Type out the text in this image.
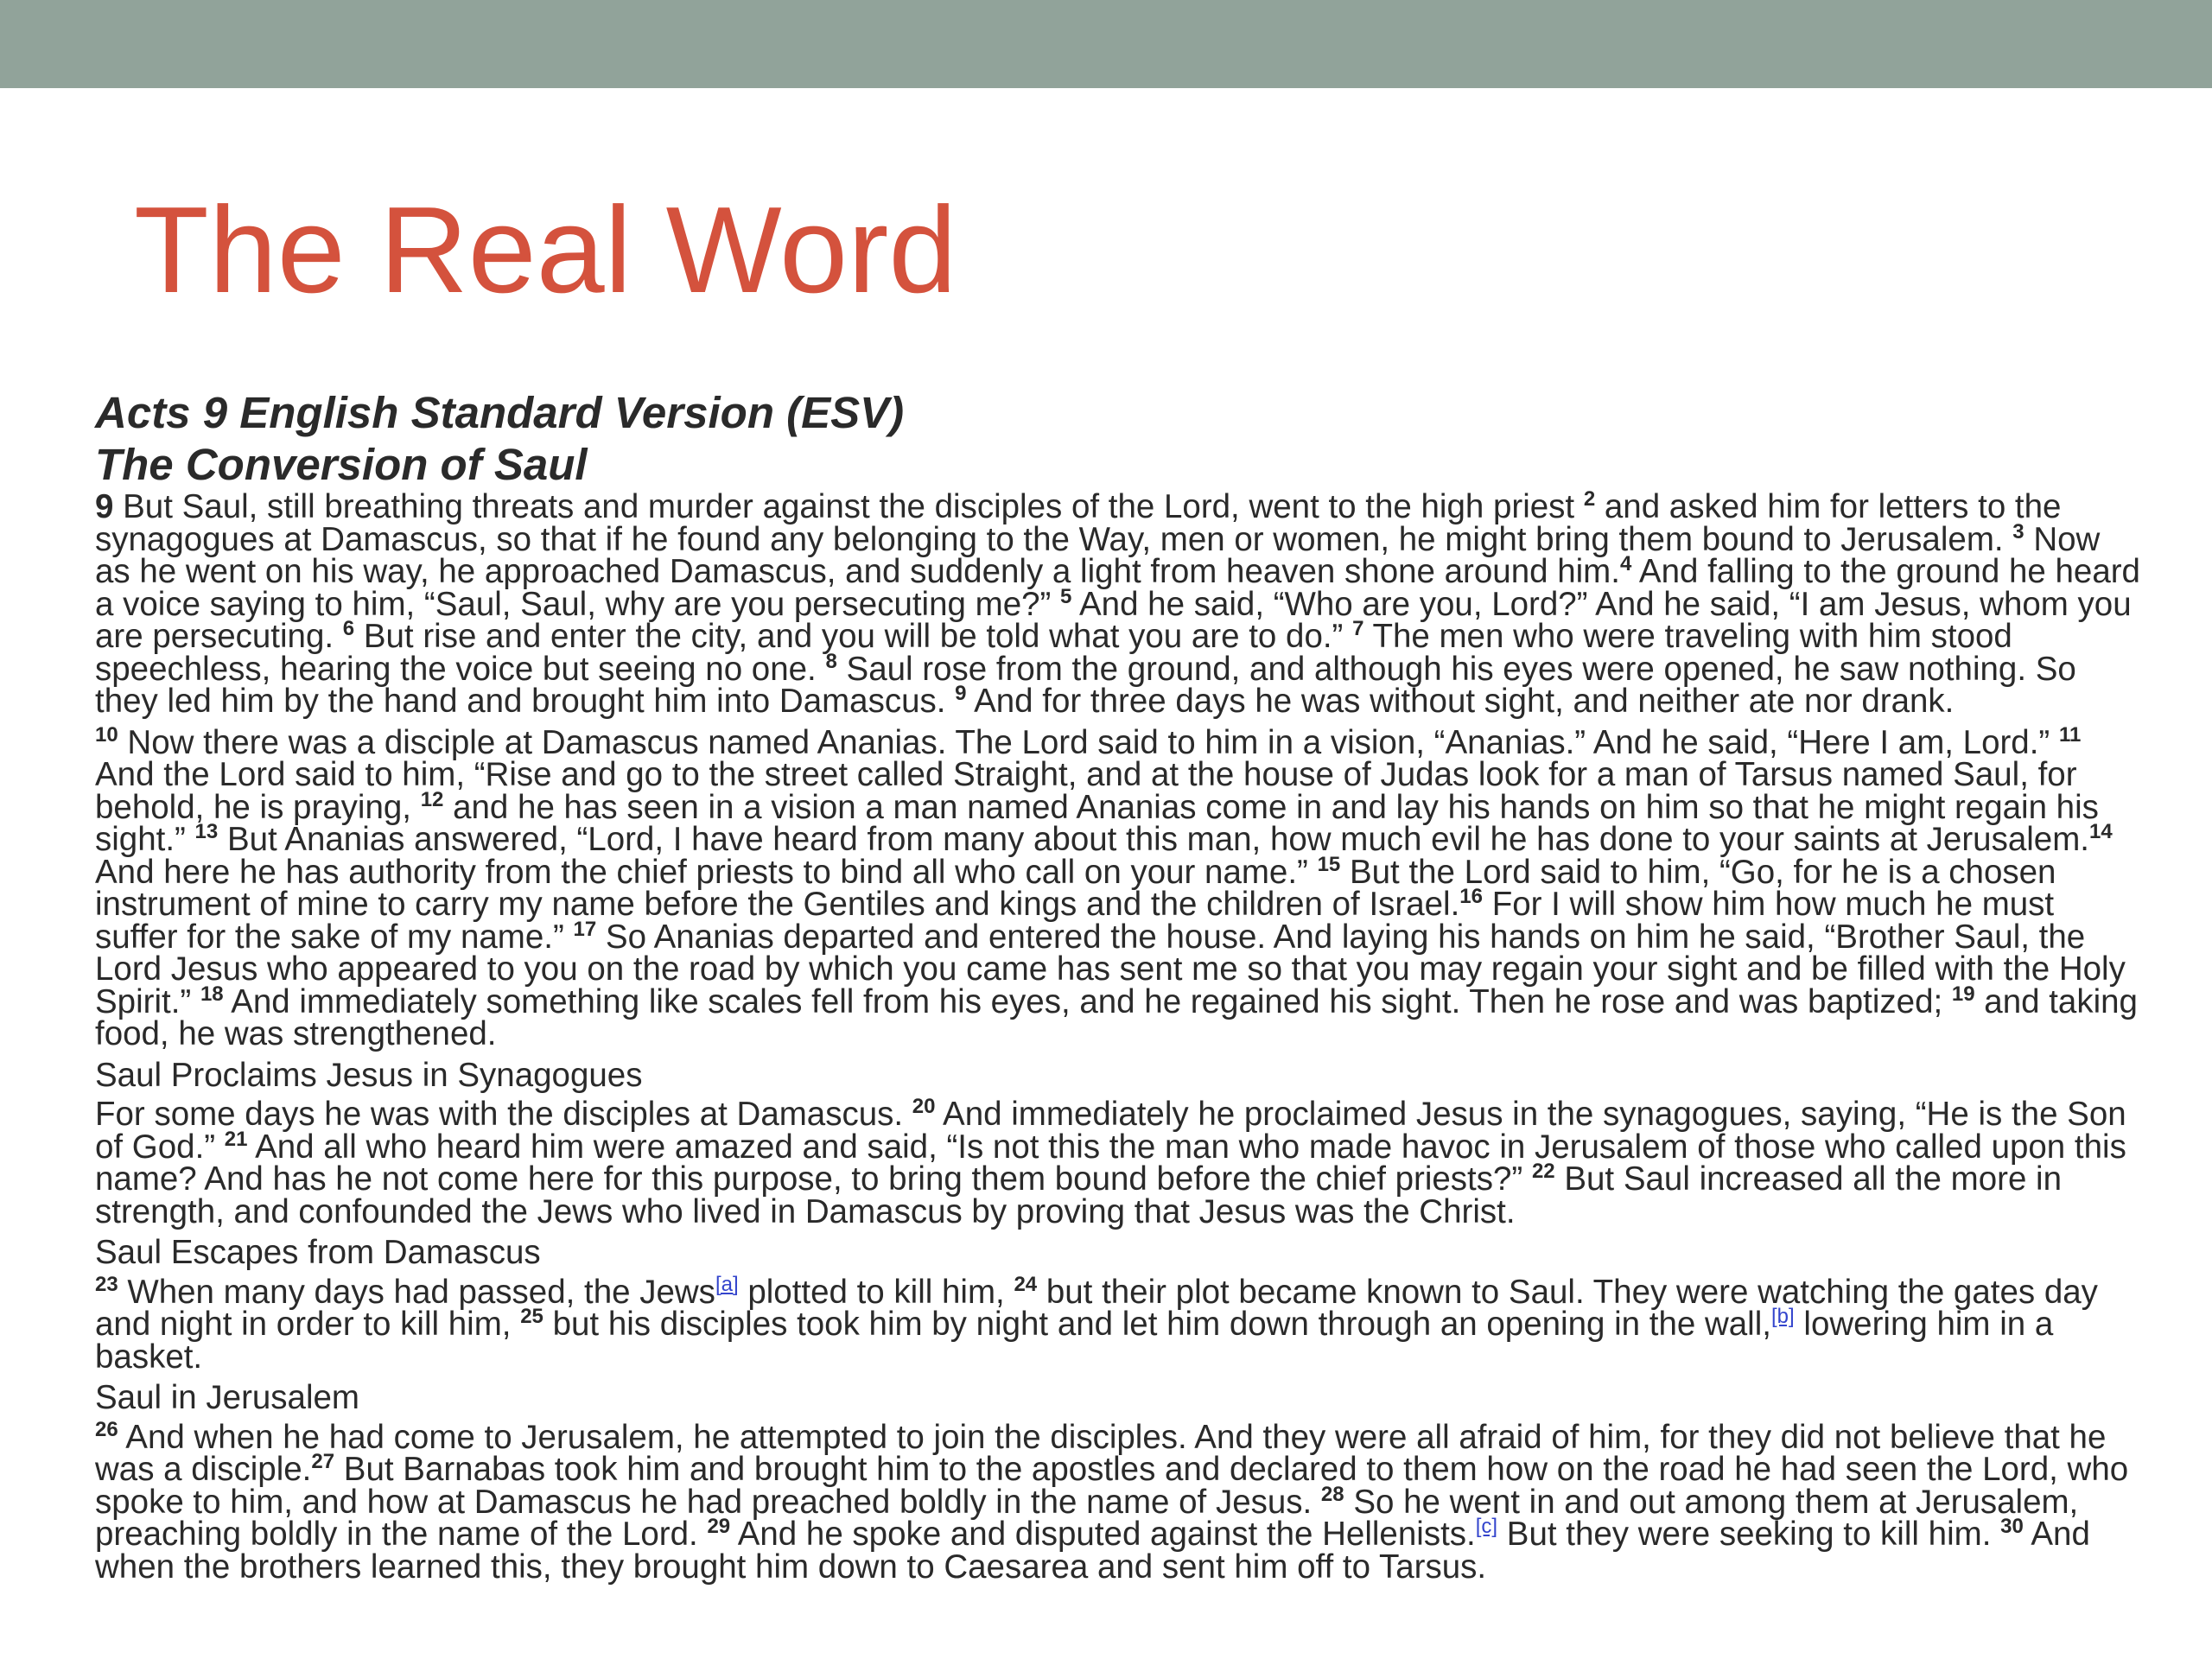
The Real Word

Acts 9 English Standard Version (ESV)

The Conversion of Saul

9 But Saul, still breathing threats and murder against the disciples of the Lord, went to the high priest $^2$ and asked him for letters to the synagogues at Damascus, so that if he found any belonging to the Way, men or women, he might bring them bound to Jerusalem. $^3$ Now as he went on his way, he approached Damascus, and suddenly a light from heaven shone around him.$^4$ And falling to the ground he heard a voice saying to him, “Saul, Saul, why are you persecuting me?” $^5$ And he said, “Who are you, Lord?” And he said, “I am Jesus, whom you are persecuting. $^6$ But rise and enter the city, and you will be told what you are to do.” $^7$ The men who were traveling with him stood speechless, hearing the voice but seeing no one. $^8$ Saul rose from the ground, and although his eyes were opened, he saw nothing. So they led him by the hand and brought him into Damascus. $^9$ And for three days he was without sight, and neither ate nor drank.

$^{10}$ Now there was a disciple at Damascus named Ananias. The Lord said to him in a vision, “Ananias.” And he said, “Here I am, Lord.” $^{11}$ And the Lord said to him, “Rise and go to the street called Straight, and at the house of Judas look for a man of Tarsus named Saul, for behold, he is praying, $^{12}$ and he has seen in a vision a man named Ananias come in and lay his hands on him so that he might regain his sight.” $^{13}$ But Ananias answered, “Lord, I have heard from many about this man, how much evil he has done to your saints at Jerusalem.$^{14}$ And here he has authority from the chief priests to bind all who call on your name.” $^{15}$ But the Lord said to him, “Go, for he is a chosen instrument of mine to carry my name before the Gentiles and kings and the children of Israel.$^{16}$ For I will show him how much he must suffer for the sake of my name.” $^{17}$ So Ananias departed and entered the house. And laying his hands on him he said, “Brother Saul, the Lord Jesus who appeared to you on the road by which you came has sent me so that you may regain your sight and be filled with the Holy Spirit.” $^{18}$ And immediately something like scales fell from his eyes, and he regained his sight. Then he rose and was baptized; $^{19}$ and taking food, he was strengthened.

Saul Proclaims Jesus in Synagogues

For some days he was with the disciples at Damascus. $^{20}$ And immediately he proclaimed Jesus in the synagogues, saying, “He is the Son of God.” $^{21}$ And all who heard him were amazed and said, “Is not this the man who made havoc in Jerusalem of those who called upon this name? And has he not come here for this purpose, to bring them bound before the chief priests?” $^{22}$ But Saul increased all the more in strength, and confounded the Jews who lived in Damascus by proving that Jesus was the Christ.

Saul Escapes from Damascus

$^{23}$ When many days had passed, the Jews[a] plotted to kill him, $^{24}$ but their plot became known to Saul. They were watching the gates day and night in order to kill him, $^{25}$ but his disciples took him by night and let him down through an opening in the wall,[b] lowering him in a basket.

Saul in Jerusalem

$^{26}$ And when he had come to Jerusalem, he attempted to join the disciples. And they were all afraid of him, for they did not believe that he was a disciple.$^{27}$ But Barnabas took him and brought him to the apostles and declared to them how on the road he had seen the Lord, who spoke to him, and how at Damascus he had preached boldly in the name of Jesus. $^{28}$ So he went in and out among them at Jerusalem, preaching boldly in the name of the Lord. $^{29}$ And he spoke and disputed against the Hellenists.[c] But they were seeking to kill him. $^{30}$ And when the brothers learned this, they brought him down to Caesarea and sent him off to Tarsus.
